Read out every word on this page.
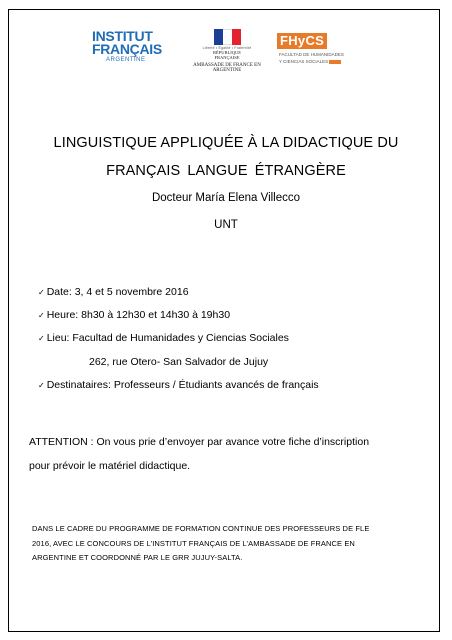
INSTITUT
FRANÇAIS
ARGENTINE
Liberté • Égalité • Fraternité
RÉPUBLIQUE
FRANÇAISE
AMBASSADE DE FRANCE EN ARGENTINE
FHyCS
FACULTAD DE HUMANIDADES
Y CIENCIAS SOCIALES
LINGUISTIQUE APPLIQUÉE À LA DIDACTIQUE DU
FRANÇAIS LANGUE ÉTRANGÈRE
Docteur María Elena Villecco
UNT
✓ Date: 3, 4 et 5 novembre 2016
✓ Heure: 8h30 à 12h30 et 14h30 à 19h30
✓ Lieu: Facultad de Humanidades y Ciencias Sociales
262, rue Otero- San Salvador de Jujuy
✓ Destinataires: Professeurs / Étudiants avancés de français
ATTENTION : On vous prie d’envoyer par avance votre fiche d’inscription
pour prévoir le matériel didactique.
DANS LE CADRE DU PROGRAMME DE FORMATION CONTINUE DES PROFESSEURS DE FLE
2016, AVEC LE CONCOURS DE L’INSTITUT FRANÇAIS DE L’AMBASSADE DE FRANCE EN
ARGENTINE ET COORDONNÉ PAR LE GRR JUJUY-SALTA.
